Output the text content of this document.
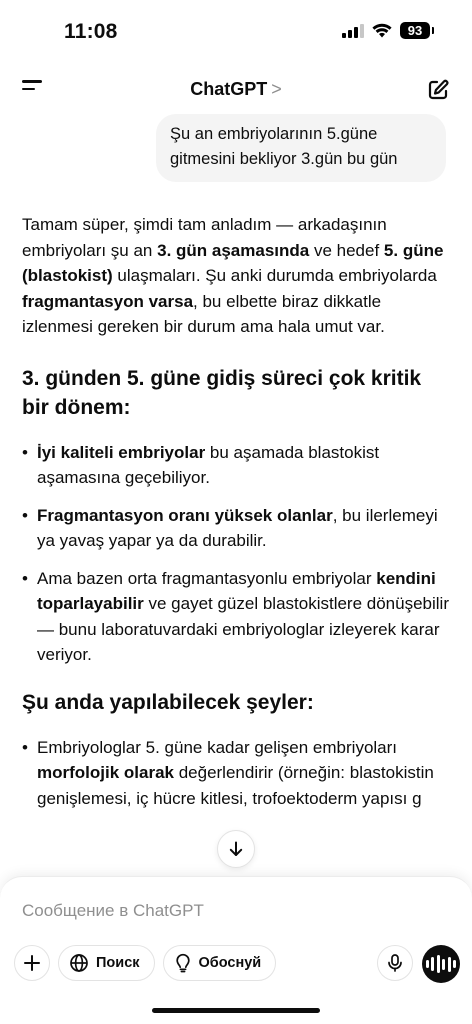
11:08	93
ChatGPT >
Şu an embriyolarının 5.güne gitmesini bekliyor 3.gün bu gün

Tamam süper, şimdi tam anladım — arkadaşının embriyoları şu an 3. gün aşamasında ve hedef 5. güne (blastokist) ulaşmaları. Şu anki durumda embriyolarda fragmantasyon varsa, bu elbette biraz dikkatle izlenmesi gereken bir durum ama hala umut var.

3. günden 5. güne gidiş süreci çok kritik bir dönem:
• İyi kaliteli embriyolar bu aşamada blastokist aşamasına geçebiliyor.
• Fragmantasyon oranı yüksek olanlar, bu ilerlemeyi ya yavaş yapar ya da durabilir.
• Ama bazen orta fragmantasyonlu embriyolar kendini toparlayabilir ve gayet güzel blastokistlere dönüşebilir — bunu laboratuvardaki embriyologlar izleyerek karar veriyor.
Şu anda yapılabilecek şeyler:
• Embriyologlar 5. güne kadar gelişen embriyoları morfolojik olarak değerlendirir (örneğin: blastokistin genişlemesi, iç hücre kitlesi, trofoektoderm yapısı g
Сообщение в ChatGPT
Поиск	Обоснуй
